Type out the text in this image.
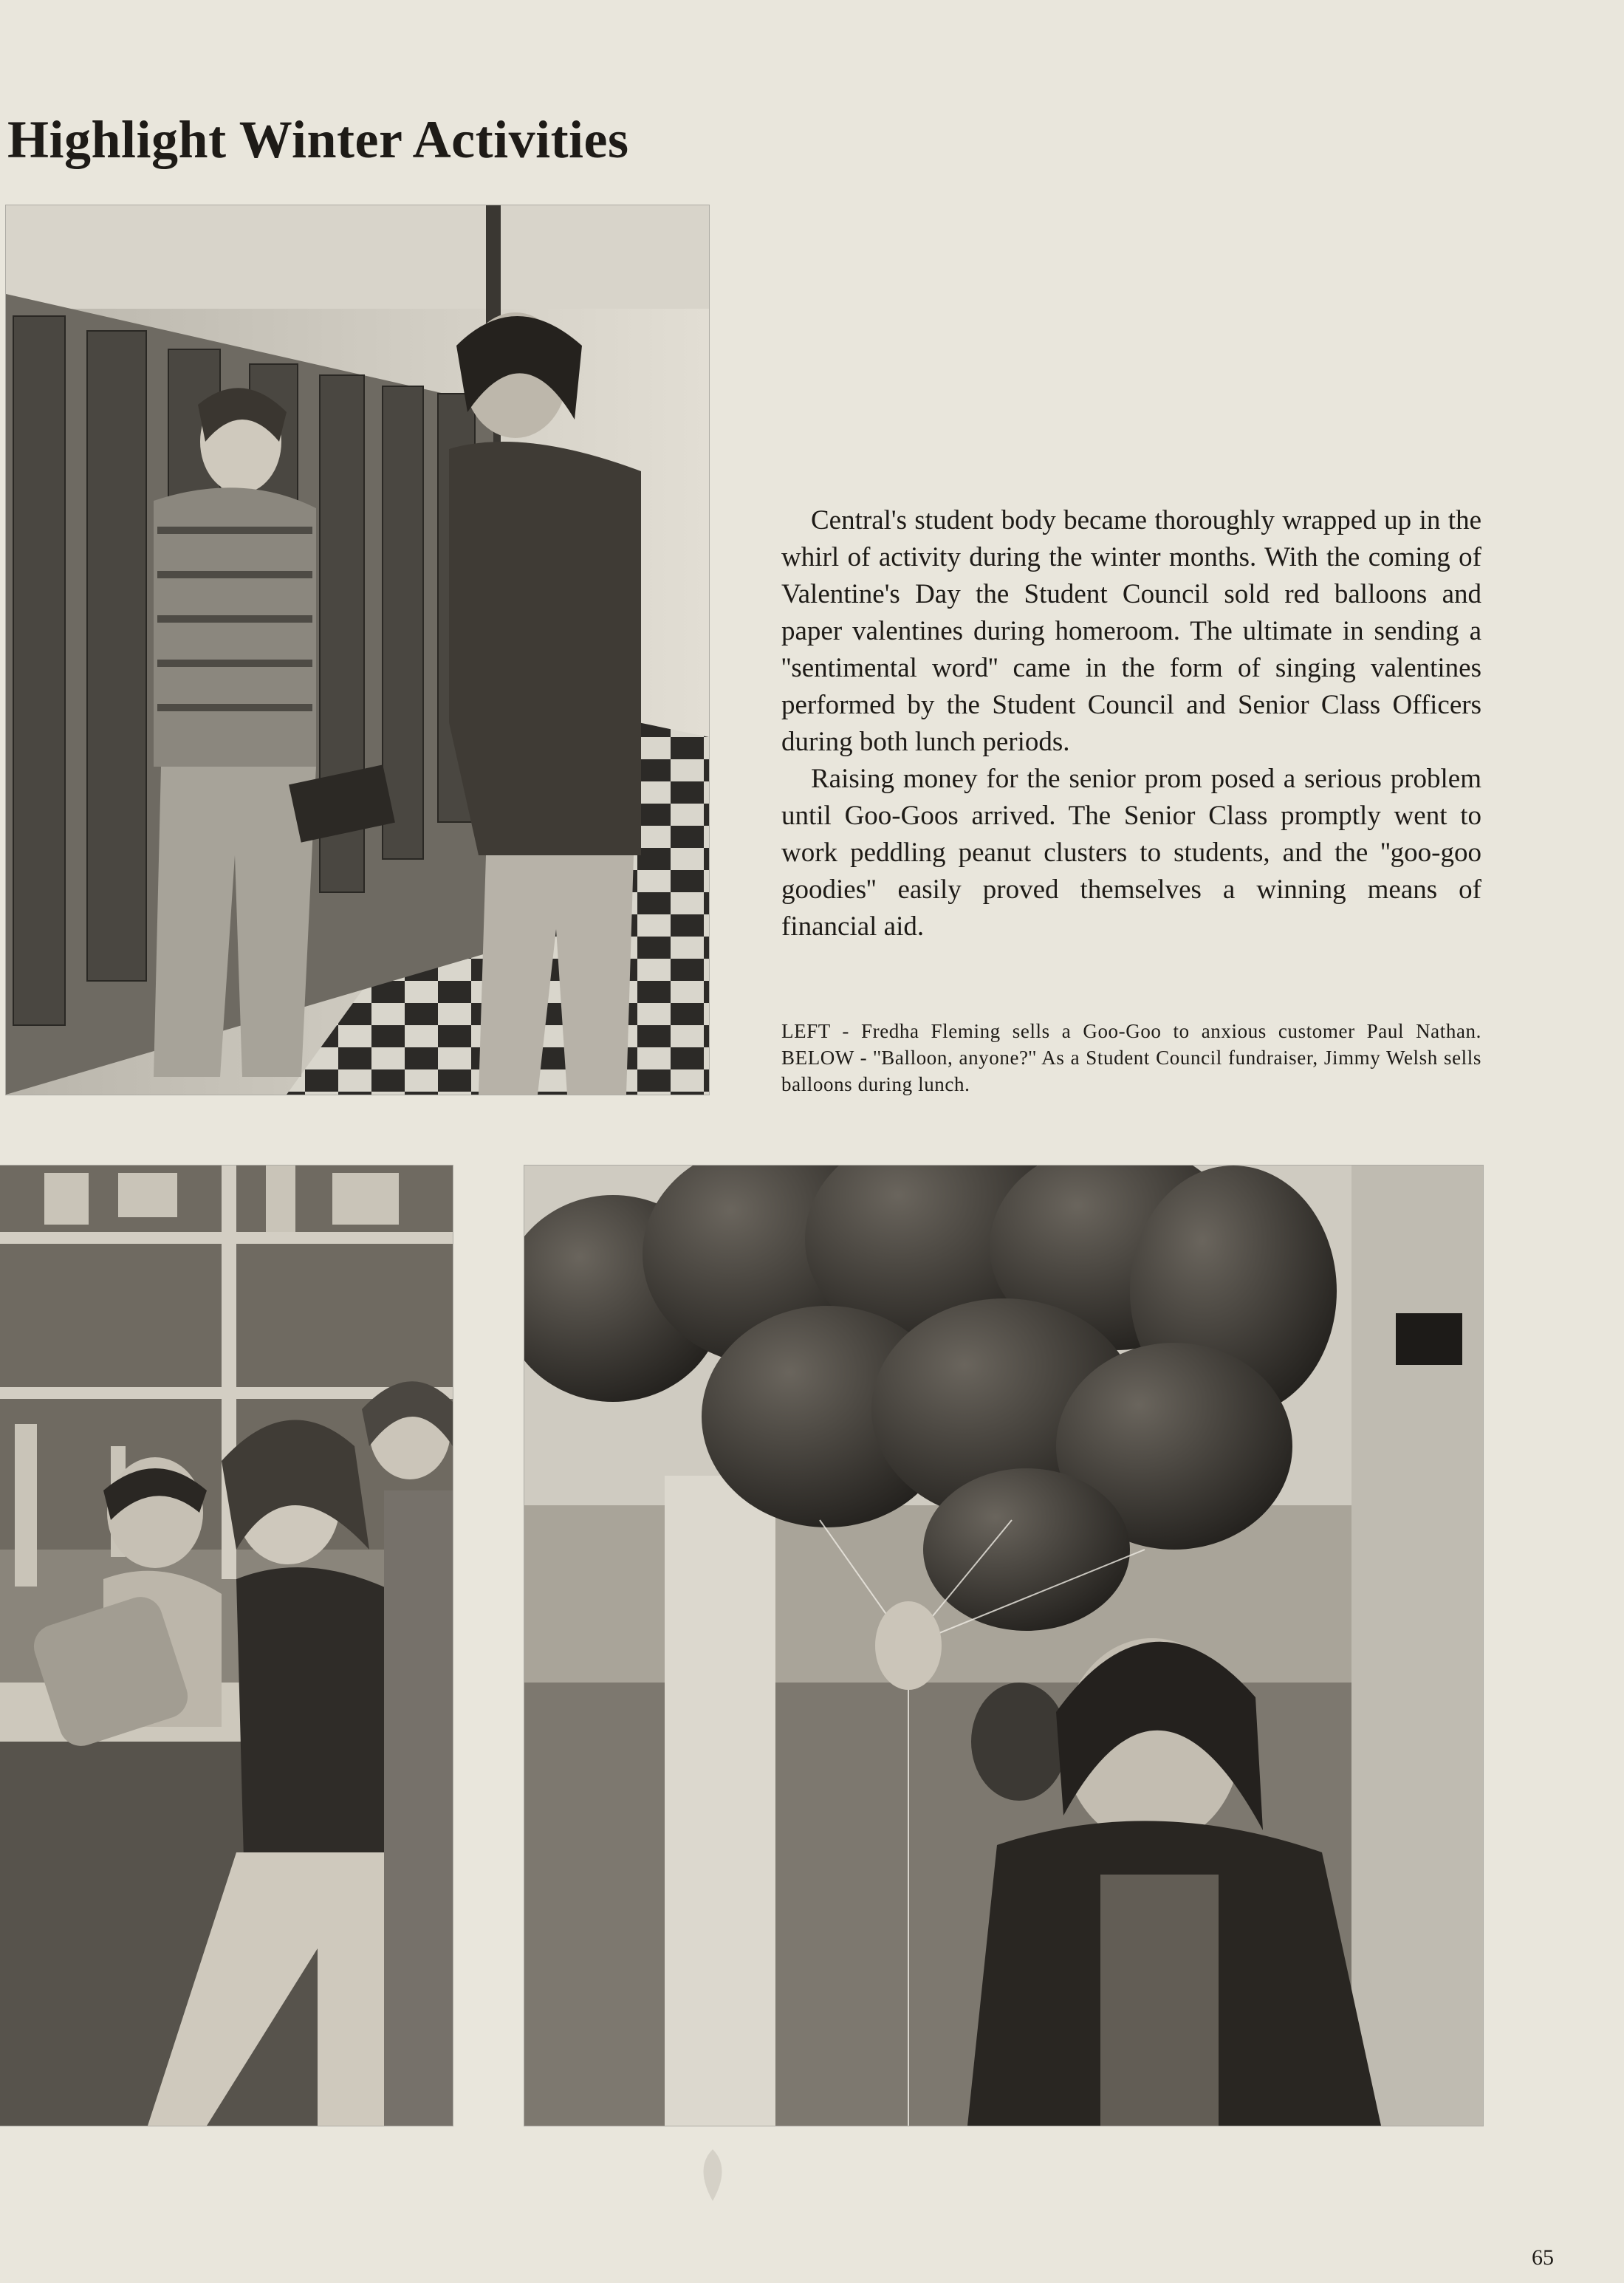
Highlight Winter Activities

Central's student body became thoroughly wrapped up in the whirl of activity during the winter months. With the coming of Valentine's Day the Student Council sold red balloons and paper valentines during homeroom. The ultimate in sending a ''sentimental word'' came in the form of singing valentines performed by the Student Council and Senior Class Officers during both lunch periods.

Raising money for the senior prom posed a serious problem until Goo-Goos arrived. The Senior Class promptly went to work peddling peanut clusters to students, and the ''goo-goo goodies'' easily proved themselves a winning means of financial aid.

LEFT - Fredha Fleming sells a Goo-Goo to anxious customer Paul Nathan. BELOW - ''Balloon, anyone?'' As a Student Council fundraiser, Jimmy Welsh sells balloons during lunch.
65
